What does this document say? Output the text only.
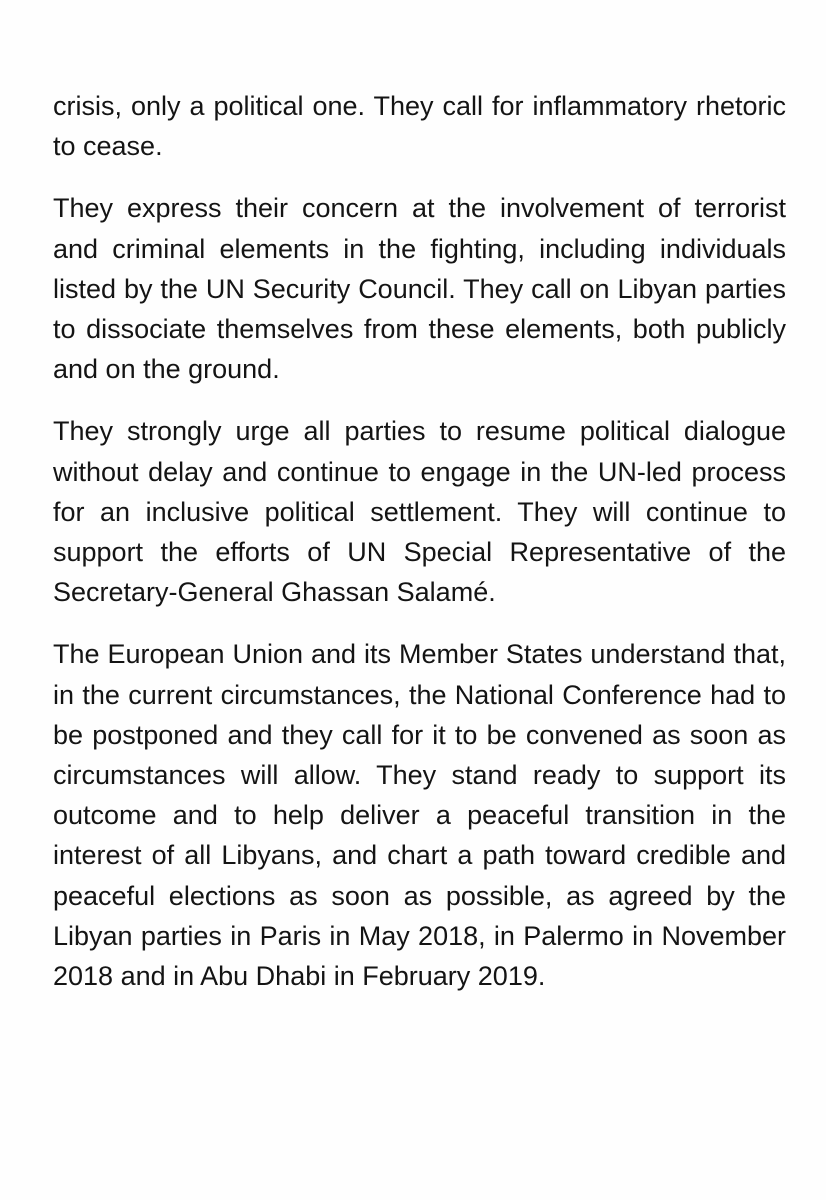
crisis, only a political one. They call for inflammatory rhetoric to cease.

They express their concern at the involvement of terrorist and criminal elements in the fighting, including individuals listed by the UN Security Council. They call on Libyan parties to dissociate themselves from these elements, both publicly and on the ground.

They strongly urge all parties to resume political dialogue without delay and continue to engage in the UN-led process for an inclusive political settlement. They will continue to support the efforts of UN Special Representative of the Secretary-General Ghassan Salamé.

The European Union and its Member States understand that, in the current circumstances, the National Conference had to be postponed and they call for it to be convened as soon as circumstances will allow. They stand ready to support its outcome and to help deliver a peaceful transition in the interest of all Libyans, and chart a path toward credible and peaceful elections as soon as possible, as agreed by the Libyan parties in Paris in May 2018, in Palermo in November 2018 and in Abu Dhabi in February 2019.
